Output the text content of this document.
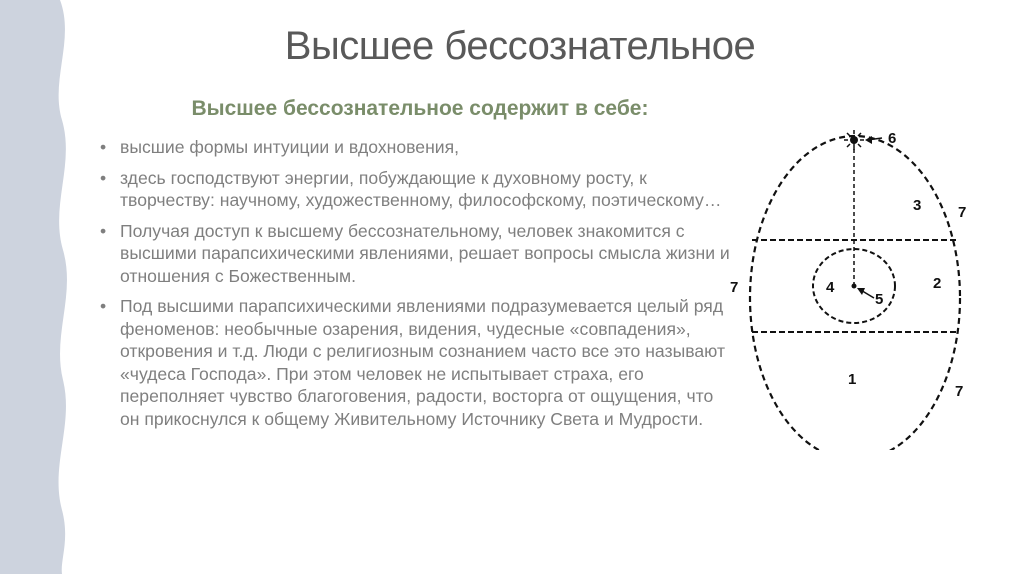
Высшее бессознательное
Высшее бессознательное содержит в себе:
• высшие формы интуиции и вдохновения,
• здесь господствуют энергии, побуждающие к духовному росту, к творчеству: научному, художественному, философскому, поэтическому…
• Получая доступ к высшему бессознательному, человек знакомится с высшими парапсихическими явлениями, решает вопросы смысла жизни и отношения с Божественным.
• Под высшими парапсихическими явлениями подразумевается целый ряд феноменов: необычные озарения, видения, чудесные «совпадения», откровения и т.д. Люди с религиозным сознанием часто все это называют «чудеса Господа». При этом человек не испытывает страха, его переполняет чувство благоговения, радости, восторга от ощущения, что он прикоснулся к общему Живительному Источнику Света и Мудрости.
6
3 7
7	2
4
5
1
7
